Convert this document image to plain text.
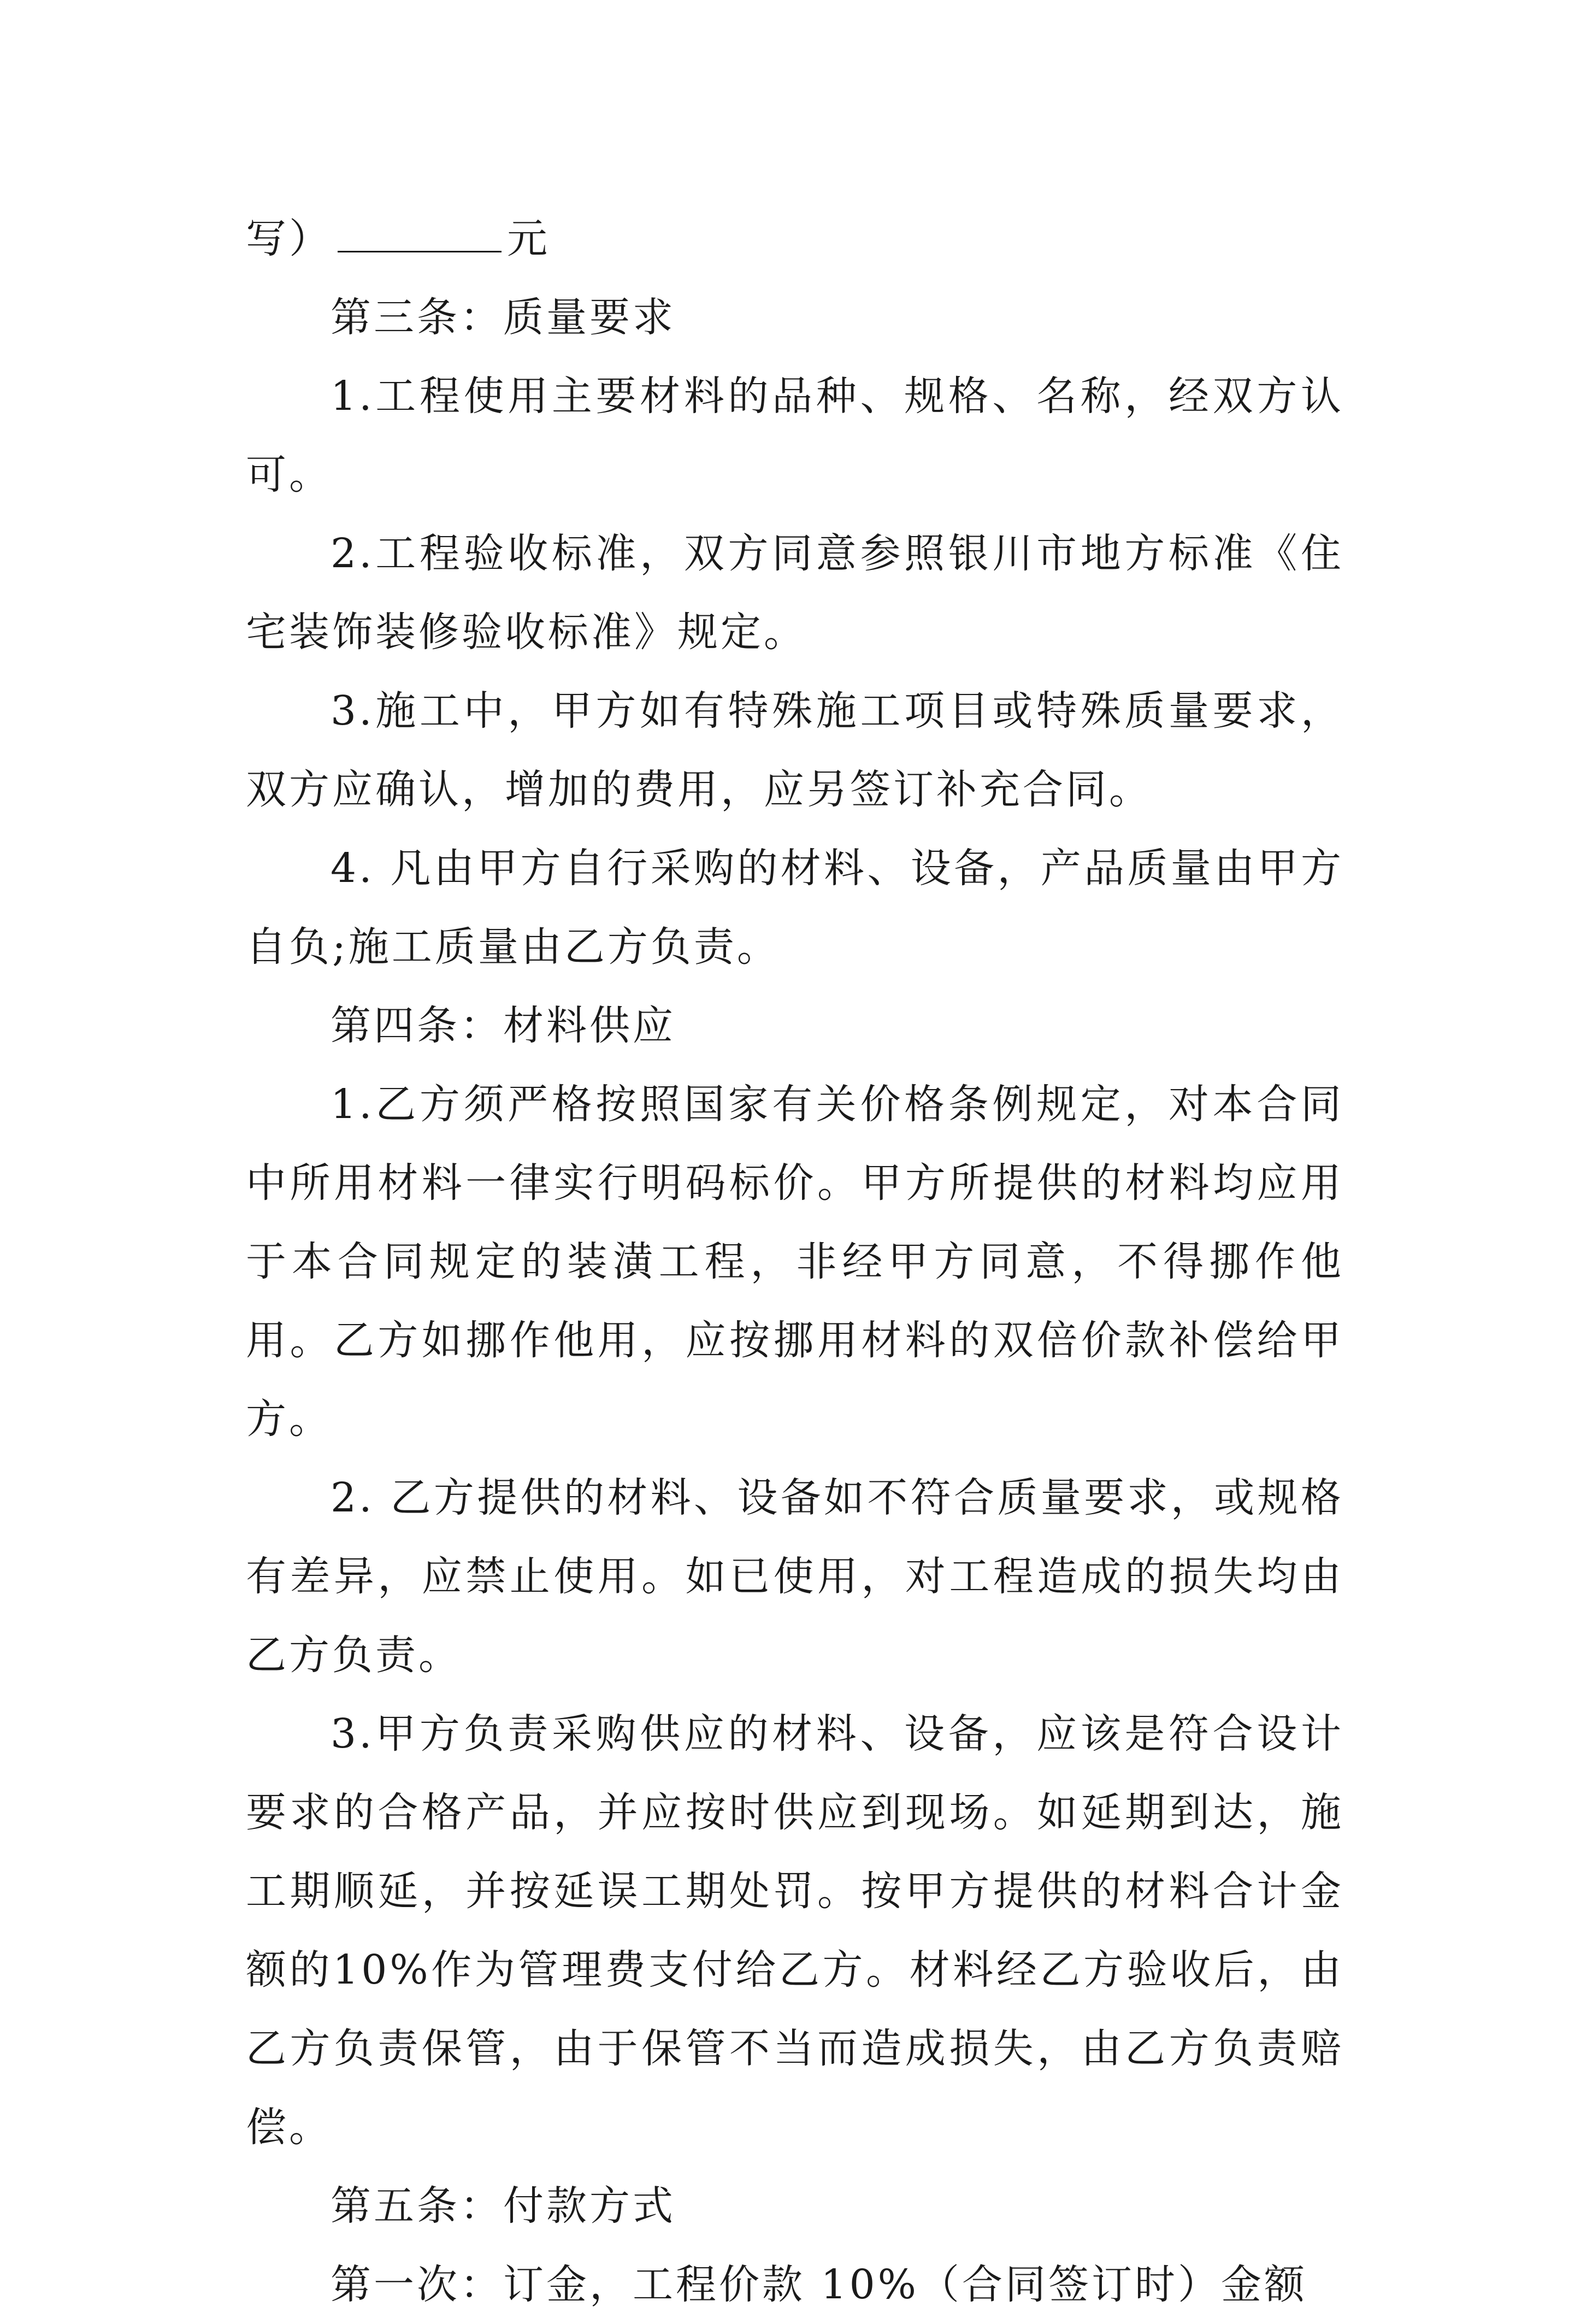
写）	元

第三条：质量要求

1.工程使用主要材料的品种、规格、名称，经双方认可。

2.工程验收标准，双方同意参照银川市地方标准《住宅装饰装修验收标准》规定。

3.施工中，甲方如有特殊施工项目或特殊质量要求，双方应确认，增加的费用，应另签订补充合同。

4. 凡由甲方自行采购的材料、设备，产品质量由甲方自负;施工质量由乙方负责。

第四条：材料供应

1.乙方须严格按照国家有关价格条例规定，对本合同中所用材料一律实行明码标价。甲方所提供的材料均应用于本合同规定的装潢工程，非经甲方同意，不得挪作他用。乙方如挪作他用，应按挪用材料的双倍价款补偿给甲方。

2. 乙方提供的材料、设备如不符合质量要求，或规格有差异，应禁止使用。如已使用，对工程造成的损失均由乙方负责。

3.甲方负责采购供应的材料、设备，应该是符合设计要求的合格产品，并应按时供应到现场。如延期到达，施工期顺延，并按延误工期处罚。按甲方提供的材料合计金额的10%作为管理费支付给乙方。材料经乙方验收后，由乙方负责保管，由于保管不当而造成损失，由乙方负责赔偿。

第五条：付款方式

第一次：订金，工程价款 10%（合同签订时）金额
